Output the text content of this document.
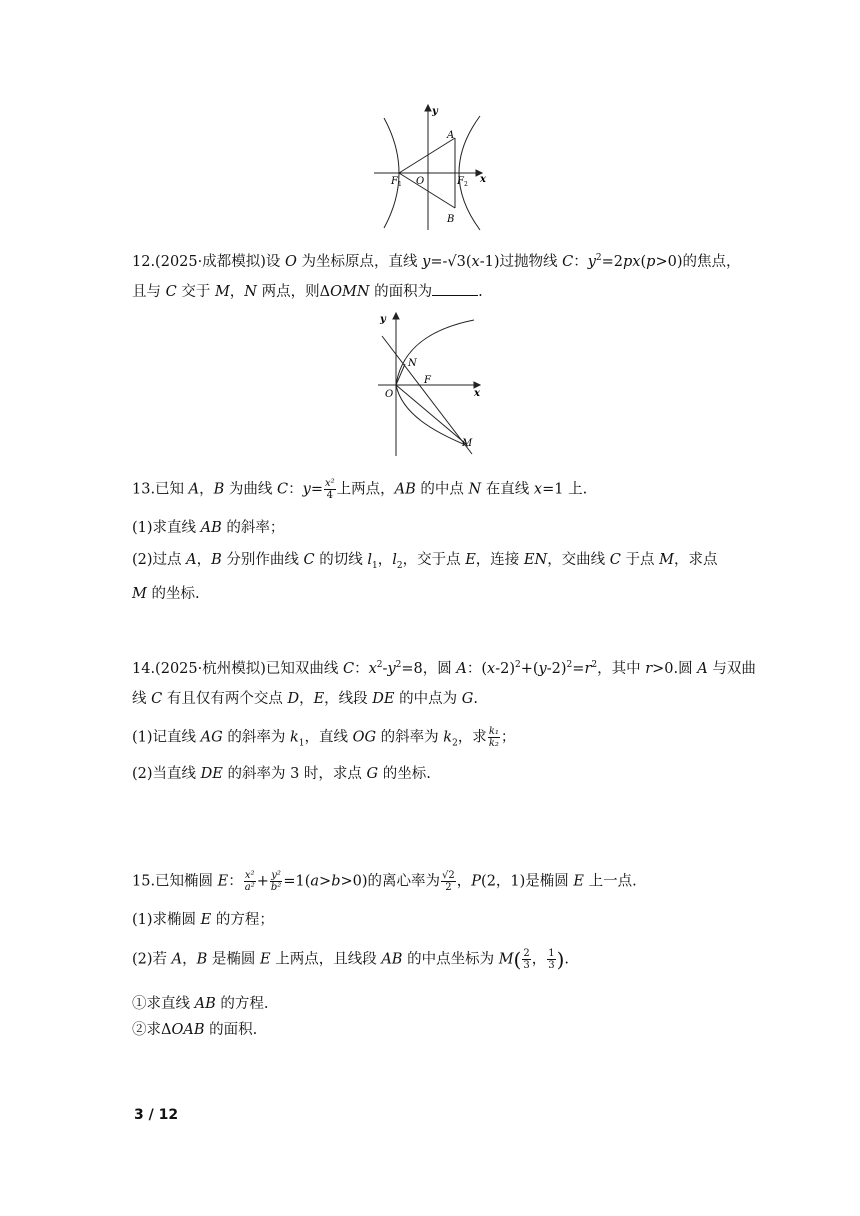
y
x
A
B
O
F 1	F 2
12.(2025·成都模拟)设 O 为坐标原点，直线 y=-√3(x-1)过抛物线 C：$y^2=2px(p>0)$的焦点，
且与 C 交于 M，N 两点，则ΔOMN 的面积为	.
y
x
N
F
O
M
13.已知 A，B 为曲线 C：$y= \frac{\text{x²}}{4}$ 上两点，AB 的中点 N 在直线 x=1 上.
(1)求直线 AB 的斜率；
(2)过点 A，B 分别作曲线 C 的切线 $l_1$，$l_2$，交于点 E，连接 EN，交曲线 C 于点 M，求点
M 的坐标.
14.(2025·杭州模拟)已知双曲线 C：$x^2-y^2=8$，圆 A：$(x-2)^2+(y-2)^2=r^2$，其中 r>0.圆 A 与双曲
线 C 有且仅有两个交点 D，E，线段 DE 的中点为 G.
(1)记直线 AG 的斜率为 $k_1$，直线 OG 的斜率为 $k_2$，求 $\frac{\text{k₁}}{\text{k₂}}$ ；
(2)当直线 DE 的斜率为 3 时，求点 G 的坐标.
15.已知椭圆 E： $\frac{\text{x²}}{\text{a²}} + \frac{\text{y²}}{\text{b²}} =1(a>b>0)$的离心率为 $\frac{√2}{2}$ ，P(2，1)是椭圆 E 上一点.
(1)求椭圆 E 的方程；
(2)若 A，B 是椭圆 E 上两点，且线段 AB 的中点坐标为 $M( \frac{2}{3}$ ， $\frac{1}{3}$ ).
①求直线 AB 的方程.
②求ΔOAB 的面积.
3 / 12
